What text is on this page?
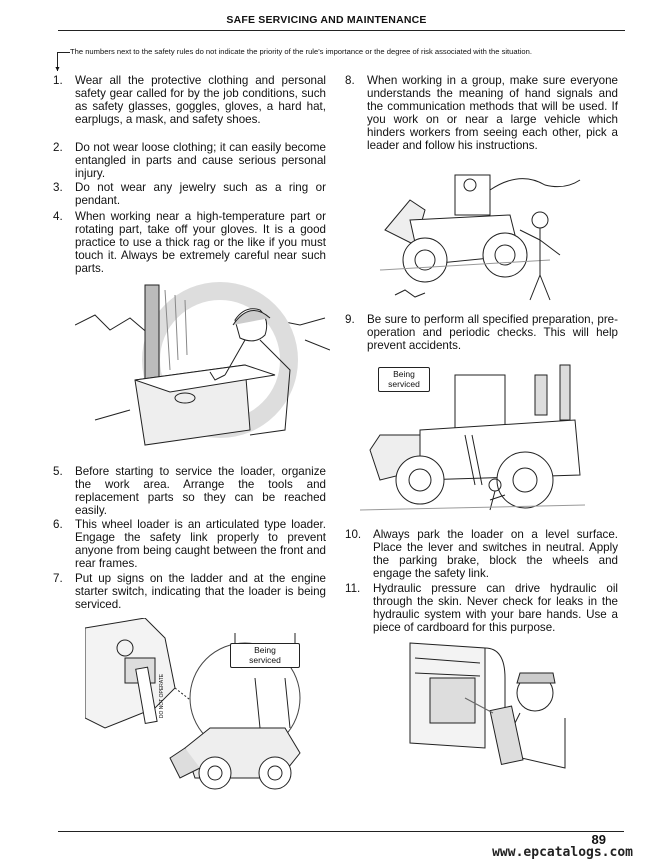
SAFE SERVICING AND MAINTENANCE
▼
The numbers next to the safety rules do not indicate the priority of the rule's importance or the degree of risk associated with the situation.
1. Wear all the protective clothing and personal safety gear called for by the job conditions, such as safety glasses, goggles, gloves, a hard hat, earplugs, a mask, and safety shoes.
2. Do not wear loose clothing; it can easily become entangled in parts and cause serious personal injury.
3. Do not wear any jewelry such as a ring or pendant.
4. When working near a high-temperature part or rotating part, take off your gloves. It is a good practice to use a thick rag or the like if you must touch it. Always be extremely careful near such parts.
5. Before starting to service the loader, organize the work area. Arrange the tools and replacement parts so they can be reached easily.
6. This wheel loader is an articulated type loader. Engage the safety link properly to prevent anyone from being caught between the front and rear frames.
7. Put up signs on the ladder and at the engine starter switch, indicating that the loader is being serviced.
Being
serviced
DO NOT OPERATE
8. When working in a group, make sure everyone understands the meaning of hand signals and the communication methods that will be used. If you work on or near a large vehicle which hinders workers from seeing each other, pick a leader and follow his instructions.
9. Be sure to perform all specified preparation, pre-operation and periodic checks. This will help prevent accidents.
Being
serviced
10. Always park the loader on a level surface. Place the lever and switches in neutral. Apply the parking brake, block the wheels and engage the safety link.
11. Hydraulic pressure can drive hydraulic oil through the skin. Never check for leaks in the hydraulic system with your bare hands. Use a piece of cardboard for this purpose.
89
www.epcatalogs.com
